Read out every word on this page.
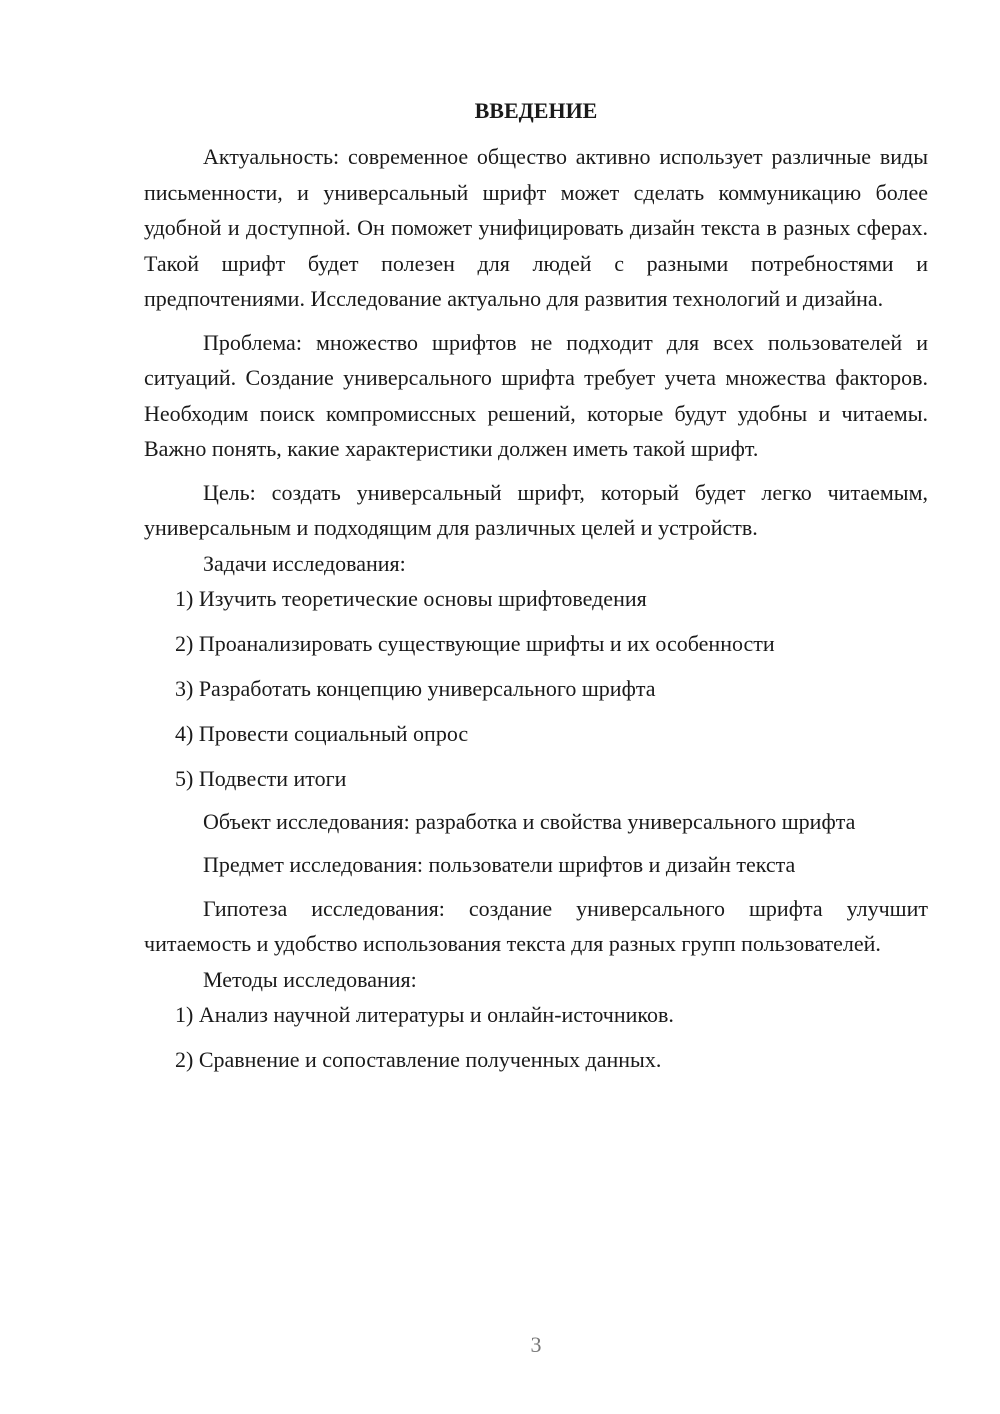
ВВЕДЕНИЕ

Актуальность: современное общество активно использует различные виды письменности, и универсальный шрифт может сделать коммуникацию более удобной и доступной. Он поможет унифицировать дизайн текста в разных сферах. Такой шрифт будет полезен для людей с разными потребностями и предпочтениями. Исследование актуально для развития технологий и дизайна.

Проблема: множество шрифтов не подходит для всех пользователей и ситуаций. Создание универсального шрифта требует учета множества факторов. Необходим поиск компромиссных решений, которые будут удобны и читаемы. Важно понять, какие характеристики должен иметь такой шрифт.

Цель: создать универсальный шрифт, который будет легко читаемым, универсальным и подходящим для различных целей и устройств.

Задачи исследования:

1) Изучить теоретические основы шрифтоведения

2) Проанализировать существующие шрифты и их особенности

3) Разработать концепцию универсального шрифта

4) Провести социальный опрос

5) Подвести итоги

Объект исследования: разработка и свойства универсального шрифта

Предмет исследования: пользователи шрифтов и дизайн текста

Гипотеза исследования: создание универсального шрифта улучшит читаемость и удобство использования текста для разных групп пользователей.

Методы исследования:

1) Анализ научной литературы и онлайн-источников.

2) Сравнение и сопоставление полученных данных.

3
